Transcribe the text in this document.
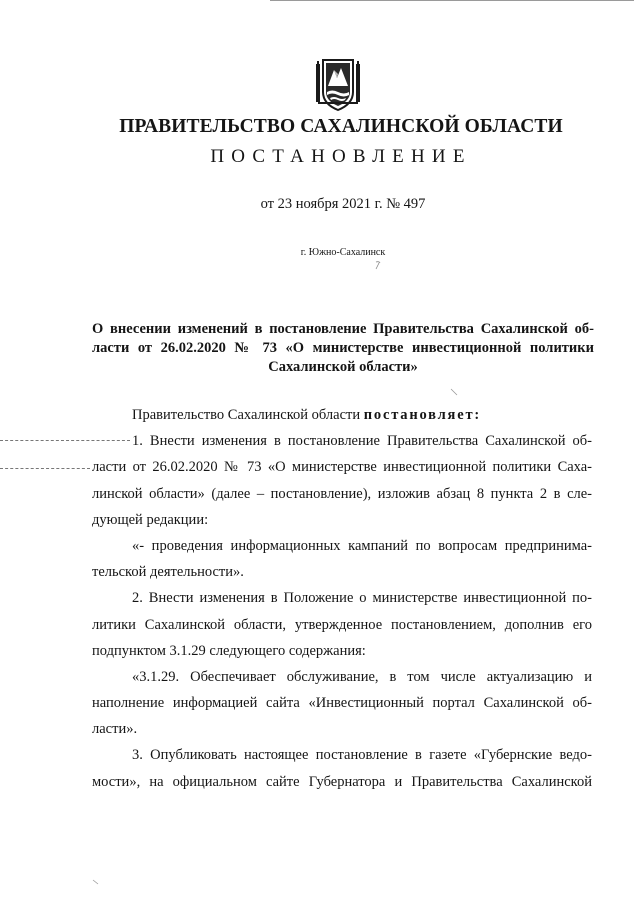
ПРАВИТЕЛЬСТВО САХАЛИНСКОЙ ОБЛАСТИ
ПОСТАНОВЛЕНИЕ
от 23 ноября 2021 г. № 497
г. Южно-Сахалинск
О внесении изменений в постановление Правительства Сахалинской об-
ласти от 26.02.2020 № 73 «О министерстве инвестиционной политики
Сахалинской области»
Правительство Сахалинской области постановляет:
1. Внести изменения в постановление Правительства Сахалинской об-
ласти от 26.02.2020 № 73 «О министерстве инвестиционной политики Саха-
линской области» (далее – постановление), изложив абзац 8 пункта 2 в сле-
дующей редакции:
«- проведения информационных кампаний по вопросам предпринима-
тельской деятельности».
2. Внести изменения в Положение о министерстве инвестиционной по-
литики Сахалинской области, утвержденное постановлением, дополнив его
подпунктом 3.1.29 следующего содержания:
«3.1.29. Обеспечивает обслуживание, в том числе актуализацию и
наполнение информацией сайта «Инвестиционный портал Сахалинской об-
ласти».
3. Опубликовать настоящее постановление в газете «Губернские ведо-
мости», на официальном сайте Губернатора и Правительства Сахалинской
